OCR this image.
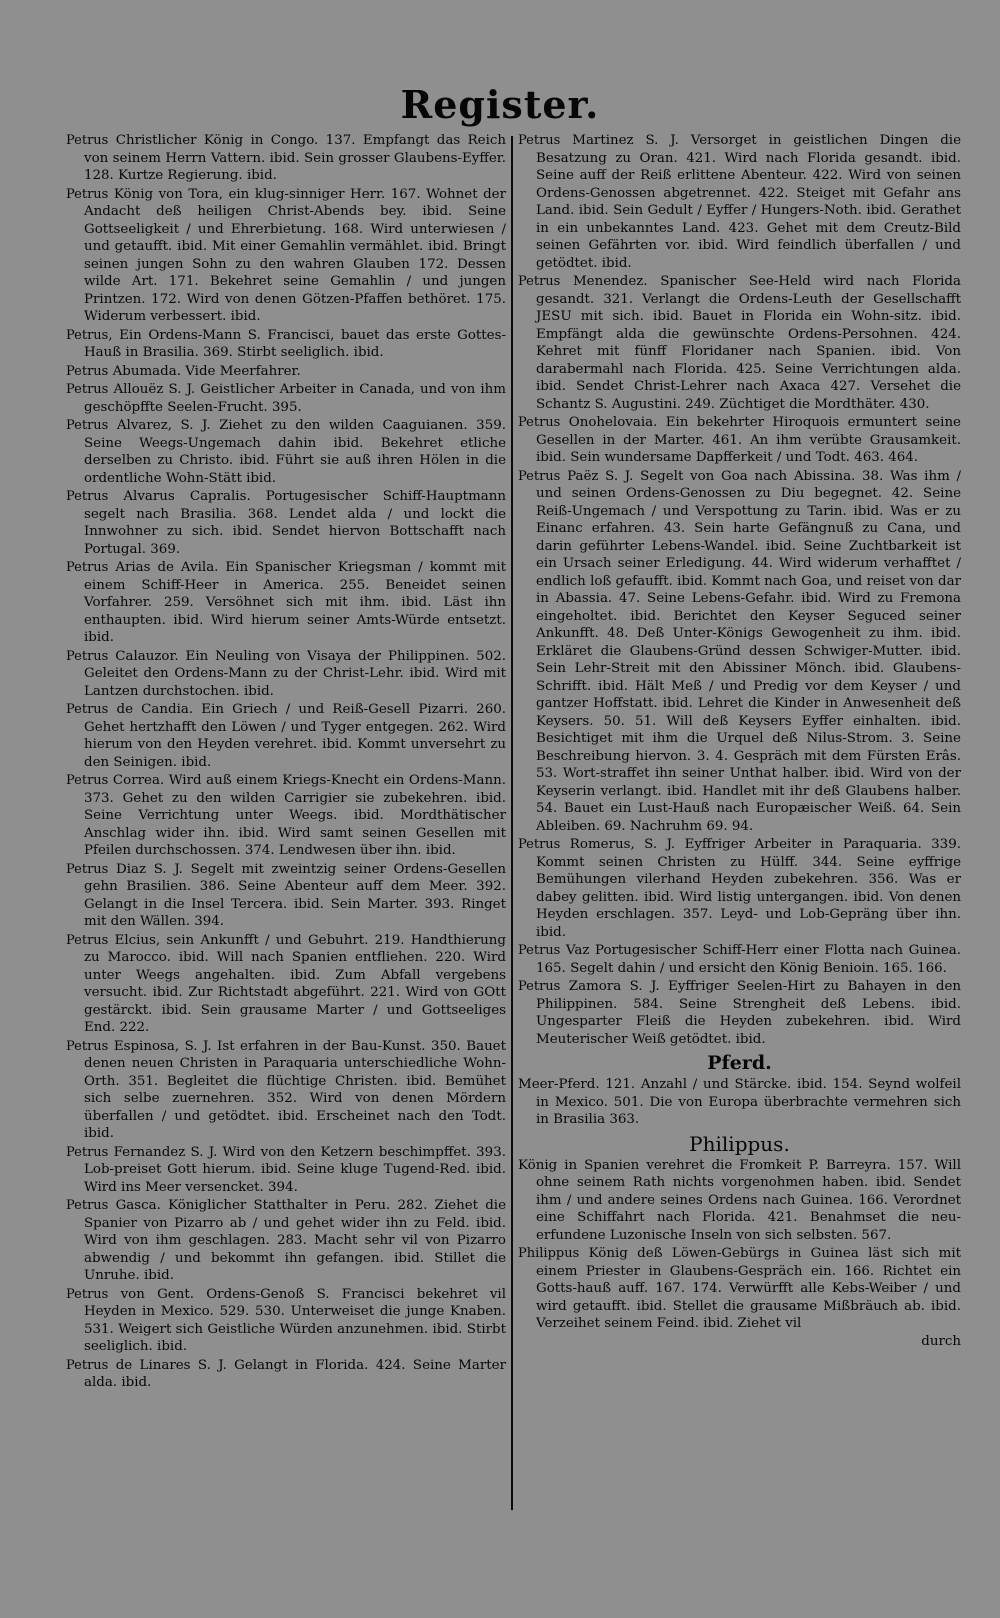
Register.

Petrus Christlicher König in Congo. 137. Empfangt das Reich von seinem Herrn Vattern. ibid. Sein grosser Glaubens-Eyffer. 128. Kurtze Regierung. ibid.

Petrus König von Tora, ein klug-sinniger Herr. 167. Wohnet der Andacht deß heiligen Christ-Abends bey. ibid. Seine Gottseeligkeit / und Ehrerbietung. 168. Wird unterwiesen / und getaufft. ibid. Mit einer Gemahlin vermählet. ibid. Bringt seinen jungen Sohn zu den wahren Glauben 172. Dessen wilde Art. 171. Bekehret seine Gemahlin / und jungen Printzen. 172. Wird von denen Götzen-Pfaffen bethöret. 175. Widerum verbessert. ibid.

Petrus, Ein Ordens-Mann S. Francisci, bauet das erste Gottes-Hauß in Brasilia. 369. Stirbt seeliglich. ibid.

Petrus Abumada. Vide Meerfahrer.

Petrus Allouëz S. J. Geistlicher Arbeiter in Canada, und von ihm geschöpffte Seelen-Frucht. 395.

Petrus Alvarez, S. J. Ziehet zu den wilden Caaguianen. 359. Seine Weegs-Ungemach dahin ibid. Bekehret etliche derselben zu Christo. ibid. Führt sie auß ihren Hölen in die ordentliche Wohn-Stätt ibid.

Petrus Alvarus Capralis. Portugesischer Schiff-Hauptmann segelt nach Brasilia. 368. Lendet alda / und lockt die Innwohner zu sich. ibid. Sendet hiervon Bottschafft nach Portugal. 369.

Petrus Arias de Avila. Ein Spanischer Kriegsman / kommt mit einem Schiff-Heer in America. 255. Beneidet seinen Vorfahrer. 259. Versöhnet sich mit ihm. ibid. Läst ihn enthaupten. ibid. Wird hierum seiner Amts-Würde entsetzt. ibid.

Petrus Calauzor. Ein Neuling von Visaya der Philippinen. 502. Geleitet den Ordens-Mann zu der Christ-Lehr. ibid. Wird mit Lantzen durchstochen. ibid.

Petrus de Candia. Ein Griech / und Reiß-Gesell Pizarri. 260. Gehet hertzhafft den Löwen / und Tyger entgegen. 262. Wird hierum von den Heyden verehret. ibid. Kommt unversehrt zu den Seinigen. ibid.

Petrus Correa. Wird auß einem Kriegs-Knecht ein Ordens-Mann. 373. Gehet zu den wilden Carrigier sie zubekehren. ibid. Seine Verrichtung unter Weegs. ibid. Mordthätischer Anschlag wider ihn. ibid. Wird samt seinen Gesellen mit Pfeilen durchschossen. 374. Lendwesen über ihn. ibid.

Petrus Diaz S. J. Segelt mit zweintzig seiner Ordens-Gesellen gehn Brasilien. 386. Seine Abenteur auff dem Meer. 392. Gelangt in die Insel Tercera. ibid. Sein Marter. 393. Ringet mit den Wällen. 394.

Petrus Elcius, sein Ankunfft / und Gebuhrt. 219. Handthierung zu Marocco. ibid. Will nach Spanien entfliehen. 220. Wird unter Weegs angehalten. ibid. Zum Abfall vergebens versucht. ibid. Zur Richtstadt abgeführt. 221. Wird von GOtt gestärckt. ibid. Sein grausame Marter / und Gottseeliges End. 222.

Petrus Espinosa, S. J. Ist erfahren in der Bau-Kunst. 350. Bauet denen neuen Christen in Paraquaria unterschiedliche Wohn-Orth. 351. Begleitet die flüchtige Christen. ibid. Bemühet sich selbe zuernehren. 352. Wird von denen Mördern überfallen / und getödtet. ibid. Erscheinet nach den Todt. ibid.

Petrus Fernandez S. J. Wird von den Ketzern beschimpffet. 393. Lob-preiset Gott hierum. ibid. Seine kluge Tugend-Red. ibid. Wird ins Meer versencket. 394.

Petrus Gasca. Königlicher Statthalter in Peru. 282. Ziehet die Spanier von Pizarro ab / und gehet wider ihn zu Feld. ibid. Wird von ihm geschlagen. 283. Macht sehr vil von Pizarro abwendig / und bekommt ihn gefangen. ibid. Stillet die Unruhe. ibid.

Petrus von Gent. Ordens-Genoß S. Francisci bekehret vil Heyden in Mexico. 529. 530. Unterweiset die junge Knaben. 531. Weigert sich Geistliche Würden anzunehmen. ibid. Stirbt seeliglich. ibid.

Petrus de Linares S. J. Gelangt in Florida. 424. Seine Marter alda. ibid.

Petrus Martinez S. J. Versorget in geistlichen Dingen die Besatzung zu Oran. 421. Wird nach Florida gesandt. ibid. Seine auff der Reiß erlittene Abenteur. 422. Wird von seinen Ordens-Genossen abgetrennet. 422. Steiget mit Gefahr ans Land. ibid. Sein Gedult / Eyffer / Hungers-Noth. ibid. Gerathet in ein unbekanntes Land. 423. Gehet mit dem Creutz-Bild seinen Gefährten vor. ibid. Wird feindlich überfallen / und getödtet. ibid.

Petrus Menendez. Spanischer See-Held wird nach Florida gesandt. 321. Verlangt die Ordens-Leuth der Gesellschafft JESU mit sich. ibid. Bauet in Florida ein Wohn-sitz. ibid. Empfängt alda die gewünschte Ordens-Persohnen. 424. Kehret mit fünff Floridaner nach Spanien. ibid. Von darabermahl nach Florida. 425. Seine Verrichtungen alda. ibid. Sendet Christ-Lehrer nach Axaca 427. Versehet die Schantz S. Augustini. 249. Züchtiget die Mordthäter. 430.

Petrus Onohelovaia. Ein bekehrter Hiroquois ermuntert seine Gesellen in der Marter. 461. An ihm verübte Grausamkeit. ibid. Sein wundersame Dapfferkeit / und Todt. 463. 464.

Petrus Paëz S. J. Segelt von Goa nach Abissina. 38. Was ihm / und seinen Ordens-Genossen zu Diu begegnet. 42. Seine Reiß-Ungemach / und Verspottung zu Tarin. ibid. Was er zu Einanc erfahren. 43. Sein harte Gefängnuß zu Cana, und darin geführter Lebens-Wandel. ibid. Seine Zuchtbarkeit ist ein Ursach seiner Erledigung. 44. Wird widerum verhafftet / endlich loß gefaufft. ibid. Kommt nach Goa, und reiset von dar in Abassia. 47. Seine Lebens-Gefahr. ibid. Wird zu Fremona eingeholtet. ibid. Berichtet den Keyser Seguced seiner Ankunfft. 48. Deß Unter-Königs Gewogenheit zu ihm. ibid. Erkläret die Glaubens-Gründ dessen Schwiger-Mutter. ibid. Sein Lehr-Streit mit den Abissiner Mönch. ibid. Glaubens-Schrifft. ibid. Hält Meß / und Predig vor dem Keyser / und gantzer Hoffstatt. ibid. Lehret die Kinder in Anwesenheit deß Keysers. 50. 51. Will deß Keysers Eyffer einhalten. ibid. Besichtiget mit ihm die Urquel deß Nilus-Strom. 3. Seine Beschreibung hiervon. 3. 4. Gespräch mit dem Fürsten Erâs. 53. Wort-straffet ihn seiner Unthat halber. ibid. Wird von der Keyserin verlangt. ibid. Handlet mit ihr deß Glaubens halber. 54. Bauet ein Lust-Hauß nach Europæischer Weiß. 64. Sein Ableiben. 69. Nachruhm 69. 94.

Petrus Romerus, S. J. Eyffriger Arbeiter in Paraquaria. 339. Kommt seinen Christen zu Hülff. 344. Seine eyffrige Bemühungen vilerhand Heyden zubekehren. 356. Was er dabey gelitten. ibid. Wird listig untergangen. ibid. Von denen Heyden erschlagen. 357. Leyd- und Lob-Gepräng über ihn. ibid.

Petrus Vaz Portugesischer Schiff-Herr einer Flotta nach Guinea. 165. Segelt dahin / und ersicht den König Benioin. 165. 166.

Petrus Zamora S. J. Eyffriger Seelen-Hirt zu Bahayen in den Philippinen. 584. Seine Strengheit deß Lebens. ibid. Ungesparter Fleiß die Heyden zubekehren. ibid. Wird Meuterischer Weiß getödtet. ibid.

Pferd.

Meer-Pferd. 121. Anzahl / und Stärcke. ibid. 154. Seynd wolfeil in Mexico. 501. Die von Europa überbrachte vermehren sich in Brasilia 363.

Philippus.

König in Spanien verehret die Fromkeit P. Barreyra. 157. Will ohne seinem Rath nichts vorgenohmen haben. ibid. Sendet ihm / und andere seines Ordens nach Guinea. 166. Verordnet eine Schiffahrt nach Florida. 421. Benahmset die neu-erfundene Luzonische Inseln von sich selbsten. 567.

Philippus König deß Löwen-Gebürgs in Guinea läst sich mit einem Priester in Glaubens-Gespräch ein. 166. Richtet ein Gotts-hauß auff. 167. 174. Verwürfft alle Kebs-Weiber / und wird getaufft. ibid. Stellet die grausame Mißbräuch ab. ibid. Verzeihet seinem Feind. ibid. Ziehet vil

durch
